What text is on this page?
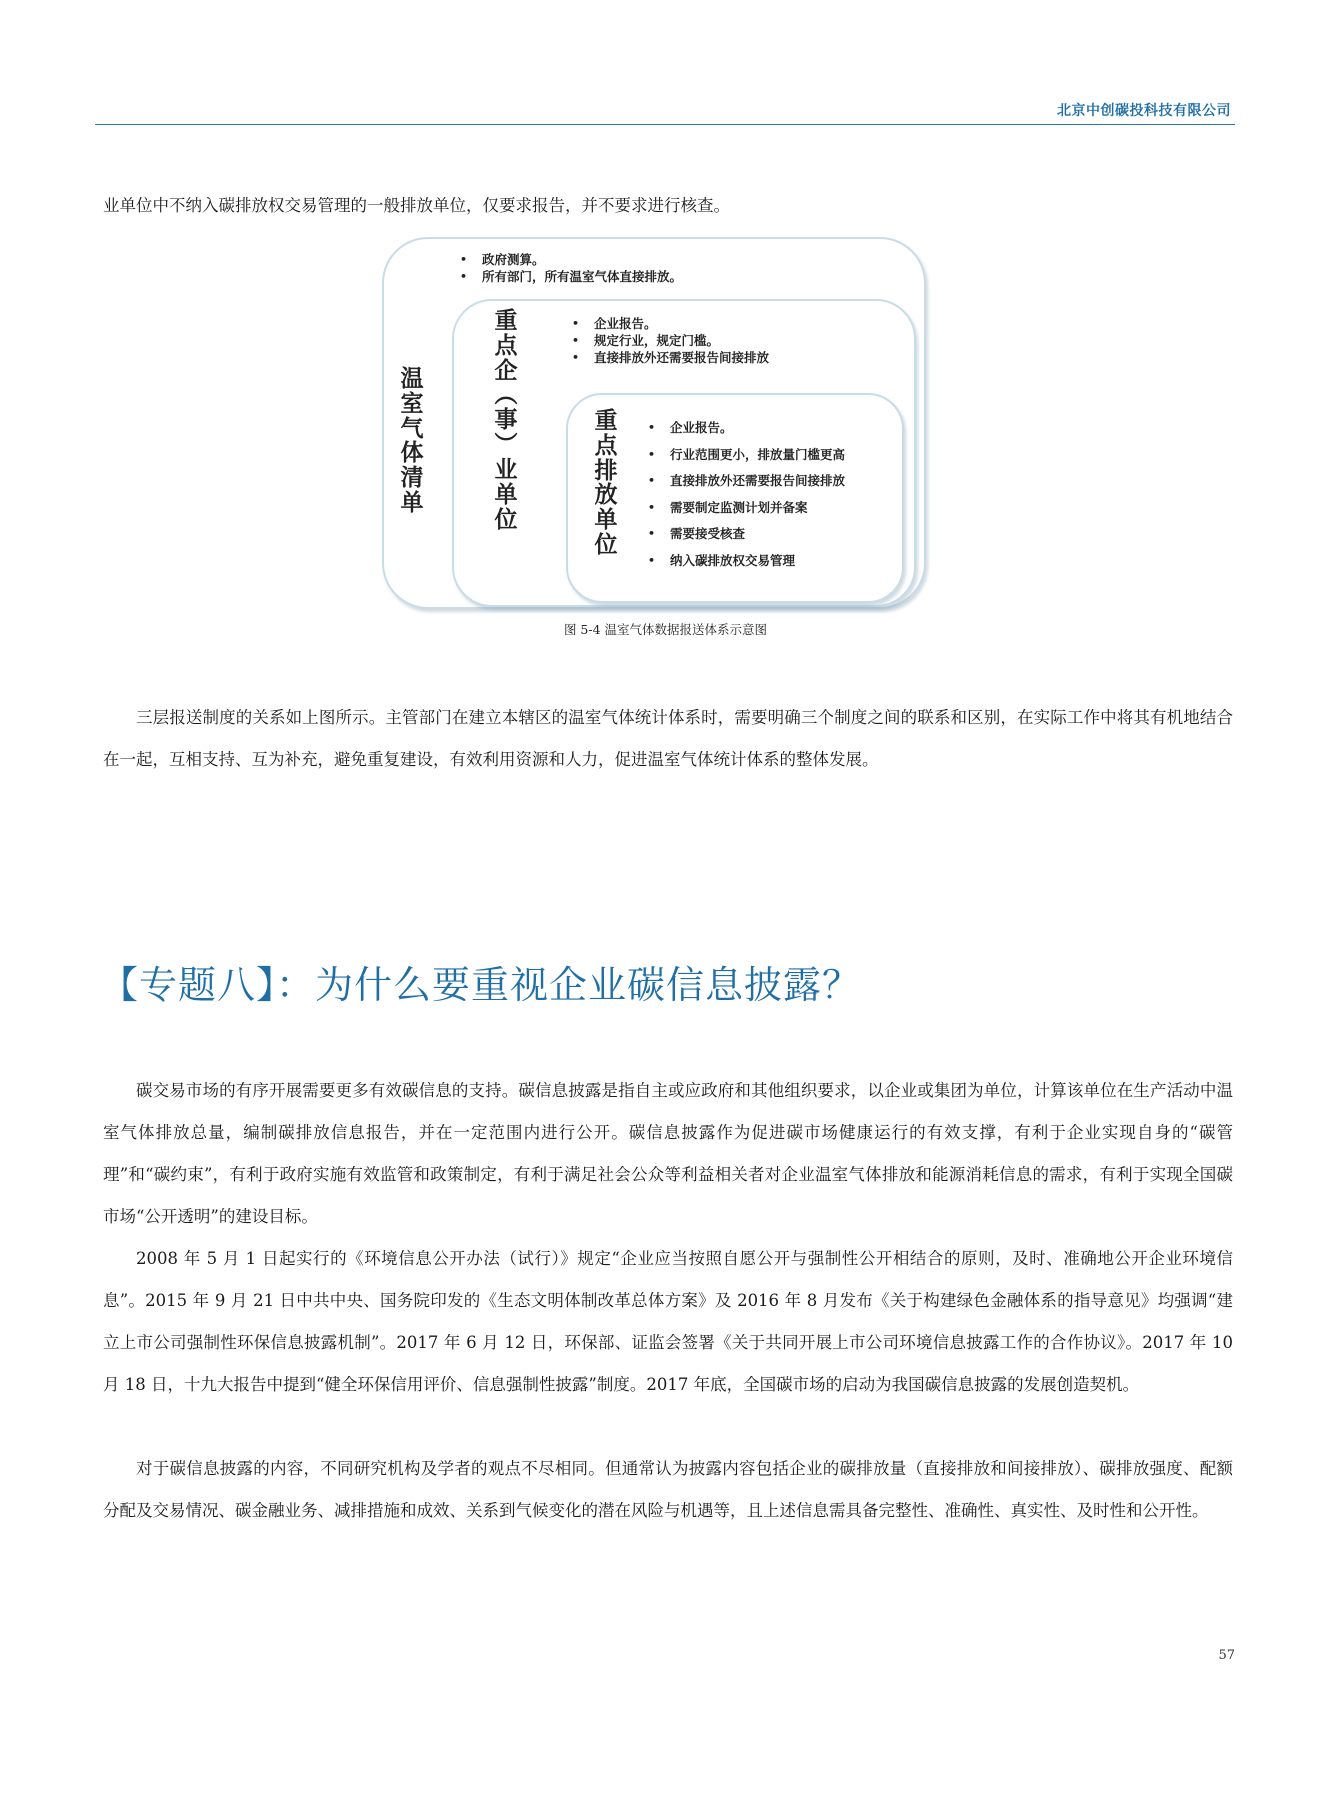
北京中创碳投科技有限公司

业单位中不纳入碳排放权交易管理的一般排放单位，仅要求报告，并不要求进行核查。

温
室
气
体
清
单
• 政府测算。
• 所有部门，所有温室气体直接排放。
重
点
企
︵
事
︶
业
单
位
• 企业报告。
• 规定行业，规定门槛。
• 直接排放外还需要报告间接排放
重
点
排
放
单
位
• 企业报告。
• 行业范围更小，排放量门槛更高
• 直接排放外还需要报告间接排放
• 需要制定监测计划并备案
• 需要接受核查
• 纳入碳排放权交易管理
图 5-4 温室气体数据报送体系示意图

三层报送制度的关系如上图所示。主管部门在建立本辖区的温室气体统计体系时，需要明确三个制度之间的联系和区别，在实际工作中将其有机地结合在一起，互相支持、互为补充，避免重复建设，有效利用资源和人力，促进温室气体统计体系的整体发展。

【专题八】：为什么要重视企业碳信息披露？

碳交易市场的有序开展需要更多有效碳信息的支持。碳信息披露是指自主或应政府和其他组织要求，以企业或集团为单位，计算该单位在生产活动中温室气体排放总量，编制碳排放信息报告，并在一定范围内进行公开。碳信息披露作为促进碳市场健康运行的有效支撑，有利于企业实现自身的“碳管理”和“碳约束”，有利于政府实施有效监管和政策制定，有利于满足社会公众等利益相关者对企业温室气体排放和能源消耗信息的需求，有利于实现全国碳市场“公开透明”的建设目标。

2008 年 5 月 1 日起实行的《环境信息公开办法（试行）》规定“企业应当按照自愿公开与强制性公开相结合的原则，及时、准确地公开企业环境信息”。2015 年 9 月 21 日中共中央、国务院印发的《生态文明体制改革总体方案》及 2016 年 8 月发布《关于构建绿色金融体系的指导意见》均强调“建立上市公司强制性环保信息披露机制”。2017 年 6 月 12 日，环保部、证监会签署《关于共同开展上市公司环境信息披露工作的合作协议》。2017 年 10 月 18 日，十九大报告中提到“健全环保信用评价、信息强制性披露”制度。2017 年底，全国碳市场的启动为我国碳信息披露的发展创造契机。

对于碳信息披露的内容，不同研究机构及学者的观点不尽相同。但通常认为披露内容包括企业的碳排放量（直接排放和间接排放）、碳排放强度、配额分配及交易情况、碳金融业务、减排措施和成效、关系到气候变化的潜在风险与机遇等，且上述信息需具备完整性、准确性、真实性、及时性和公开性。

57
